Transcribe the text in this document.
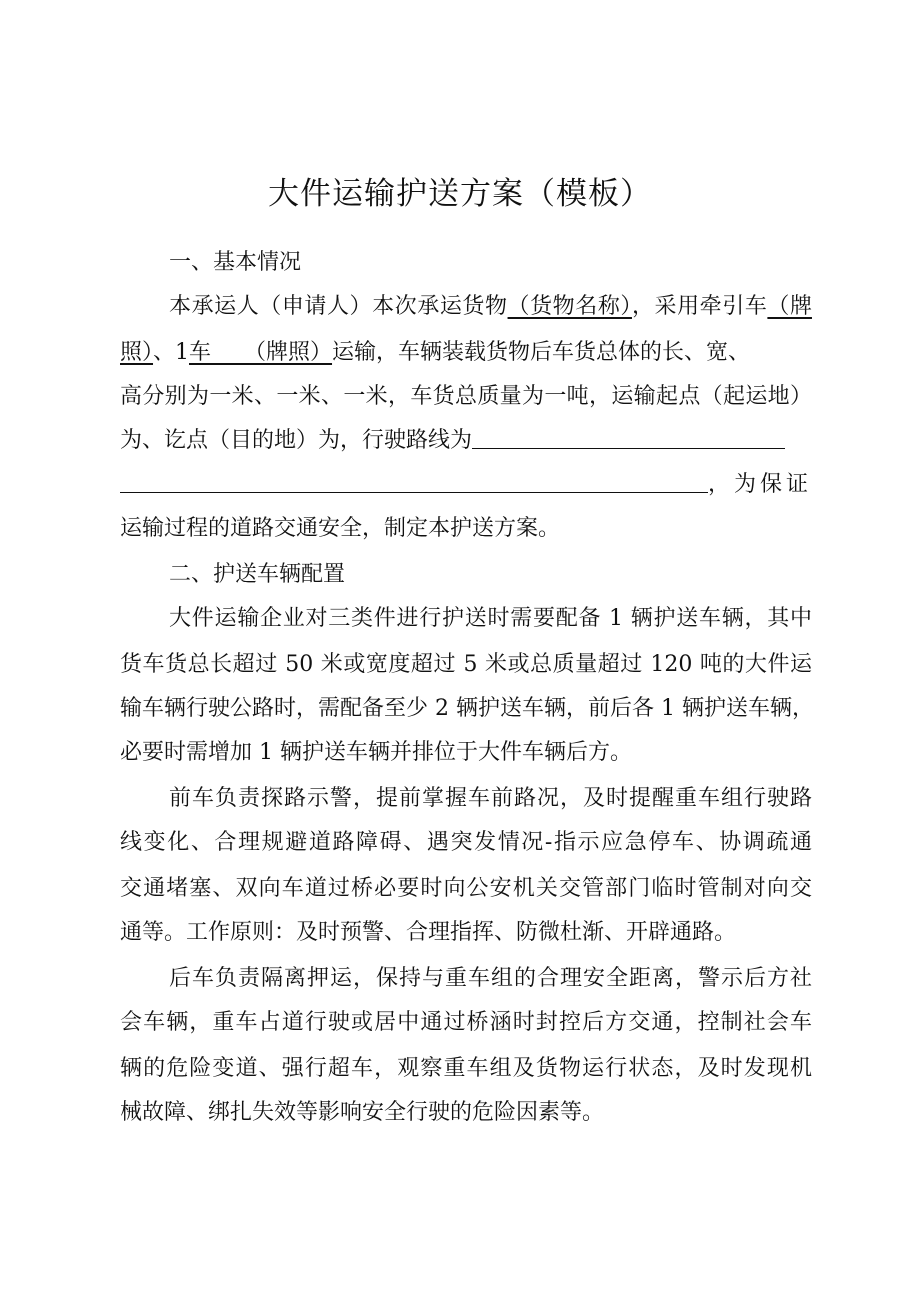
大件运输护送方案（模板）
一、基本情况
本承运人（申请人）本次承运货物（货物名称），采用牵引车（牌
照）、1车　　（牌照）运输，车辆装载货物后车货总体的长、宽、
高分别为一米、一米、一米，车货总质量为一吨，运输起点（起运地）
为、讫点（目的地）为，行驶路线为
，为保证
运输过程的道路交通安全，制定本护送方案。
二、护送车辆配置
大件运输企业对三类件进行护送时需要配备 1 辆护送车辆，其中
货车货总长超过 50 米或宽度超过 5 米或总质量超过 120 吨的大件运
输车辆行驶公路时，需配备至少 2 辆护送车辆，前后各 1 辆护送车辆，
必要时需增加 1 辆护送车辆并排位于大件车辆后方。
前车负责探路示警，提前掌握车前路况，及时提醒重车组行驶路
线变化、合理规避道路障碍、遇突发情况-指示应急停车、协调疏通
交通堵塞、双向车道过桥必要时向公安机关交管部门临时管制对向交
通等。工作原则：及时预警、合理指挥、防微杜渐、开辟通路。
后车负责隔离押运，保持与重车组的合理安全距离，警示后方社
会车辆，重车占道行驶或居中通过桥涵时封控后方交通，控制社会车
辆的危险变道、强行超车，观察重车组及货物运行状态，及时发现机
械故障、绑扎失效等影响安全行驶的危险因素等。
